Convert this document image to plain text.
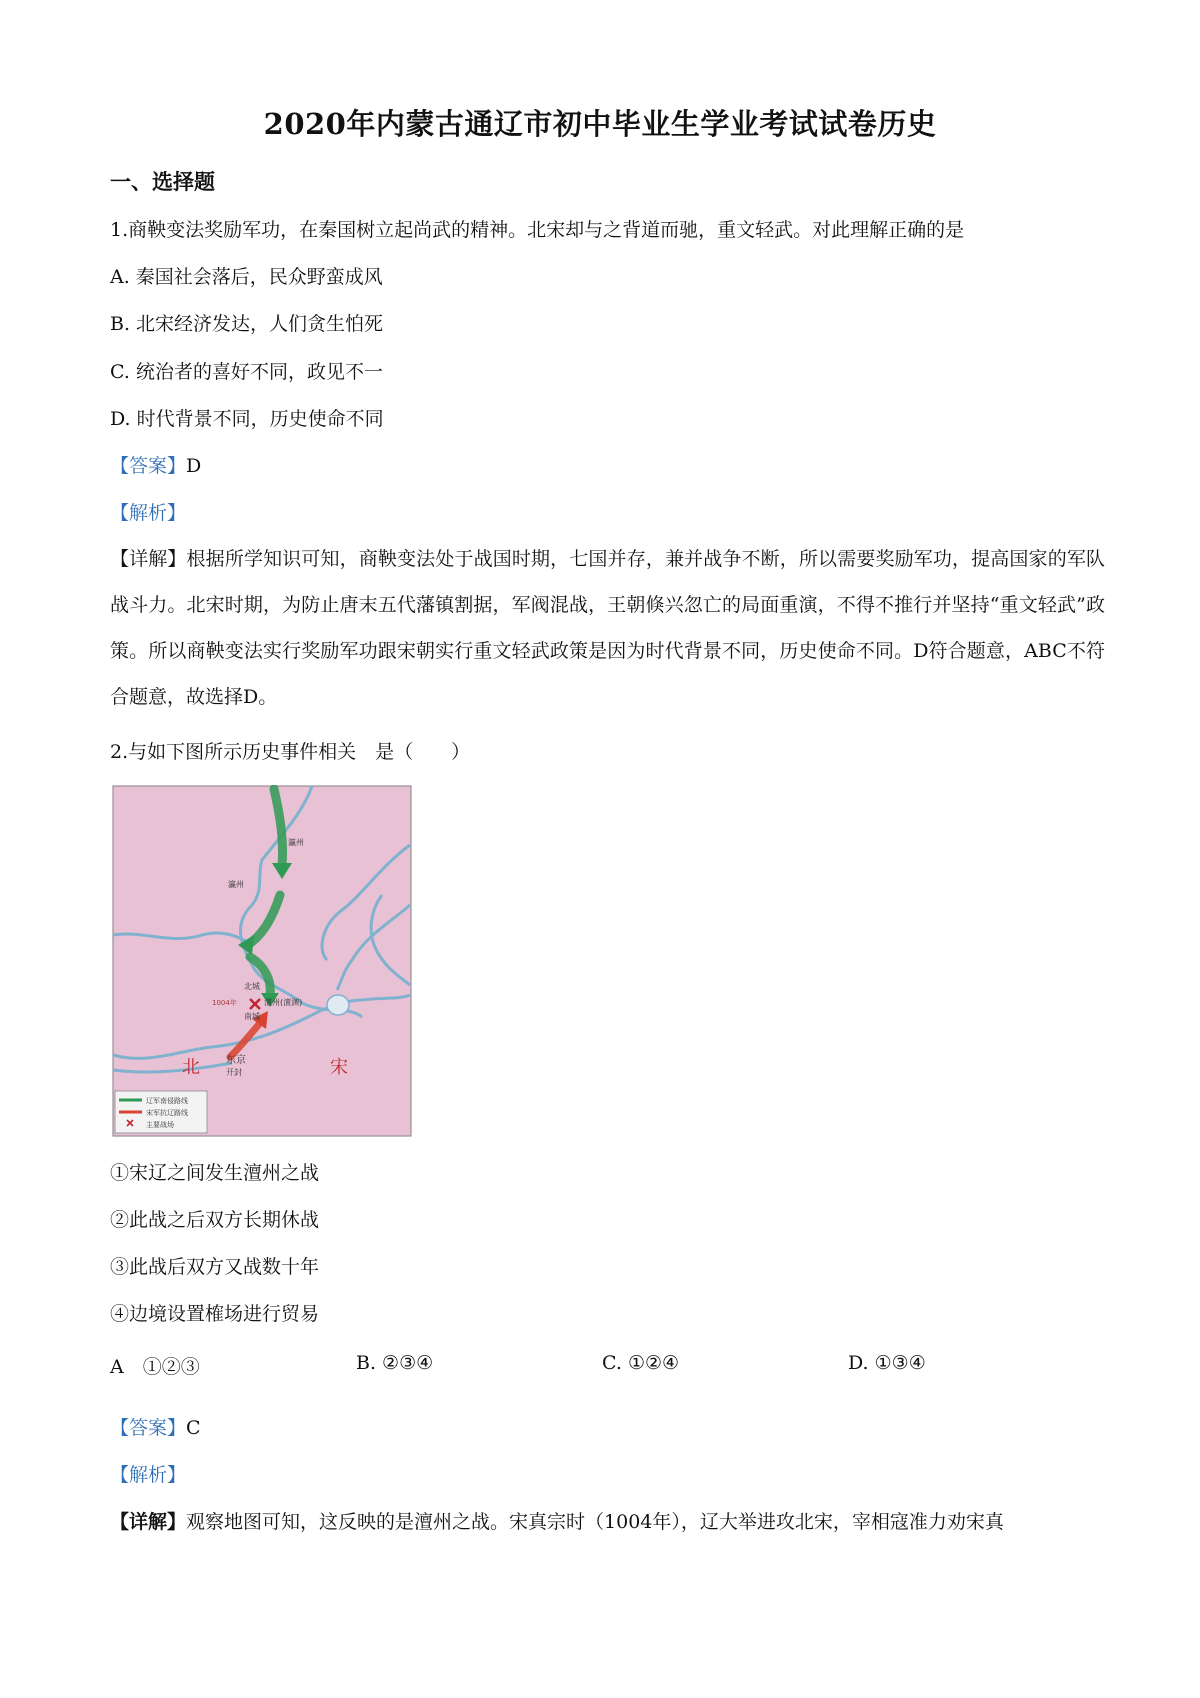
2020年内蒙古通辽市初中毕业生学业考试试卷历史
一、选择题
1.商鞅变法奖励军功，在秦国树立起尚武的精神。北宋却与之背道而驰，重文轻武。对此理解正确的是
A. 秦国社会落后，民众野蛮成风
B. 北宋经济发达，人们贪生怕死
C. 统治者的喜好不同，政见不一
D. 时代背景不同，历史使命不同
【答案】D
【解析】
【详解】根据所学知识可知，商鞅变法处于战国时期，七国并存，兼并战争不断，所以需要奖励军功，提高国家的军队战斗力。北宋时期，为防止唐末五代藩镇割据，军阀混战，王朝倏兴忽亡的局面重演，不得不推行并坚持“重文轻武”政策。所以商鞅变法实行奖励军功跟宋朝实行重文轻武政策是因为时代背景不同，历史使命不同。D符合题意，ABC不符合题意，故选择D。
2.与如下图所示历史事件相关　是（　　）
瀛州
瀛州
北城
1004年	澶州(澶渊)
南城
东京
开封
北	宋
辽军南侵路线
宋军抗辽路线
主要战场
①宋辽之间发生澶州之战
②此战之后双方长期休战
③此战后双方又战数十年
④边境设置榷场进行贸易
A　①②③	B. ②③④	C. ①②④	D. ①③④
【答案】C
【解析】
【详解】观察地图可知，这反映的是澶州之战。宋真宗时（1004年），辽大举进攻北宋，宰相寇准力劝宋真
